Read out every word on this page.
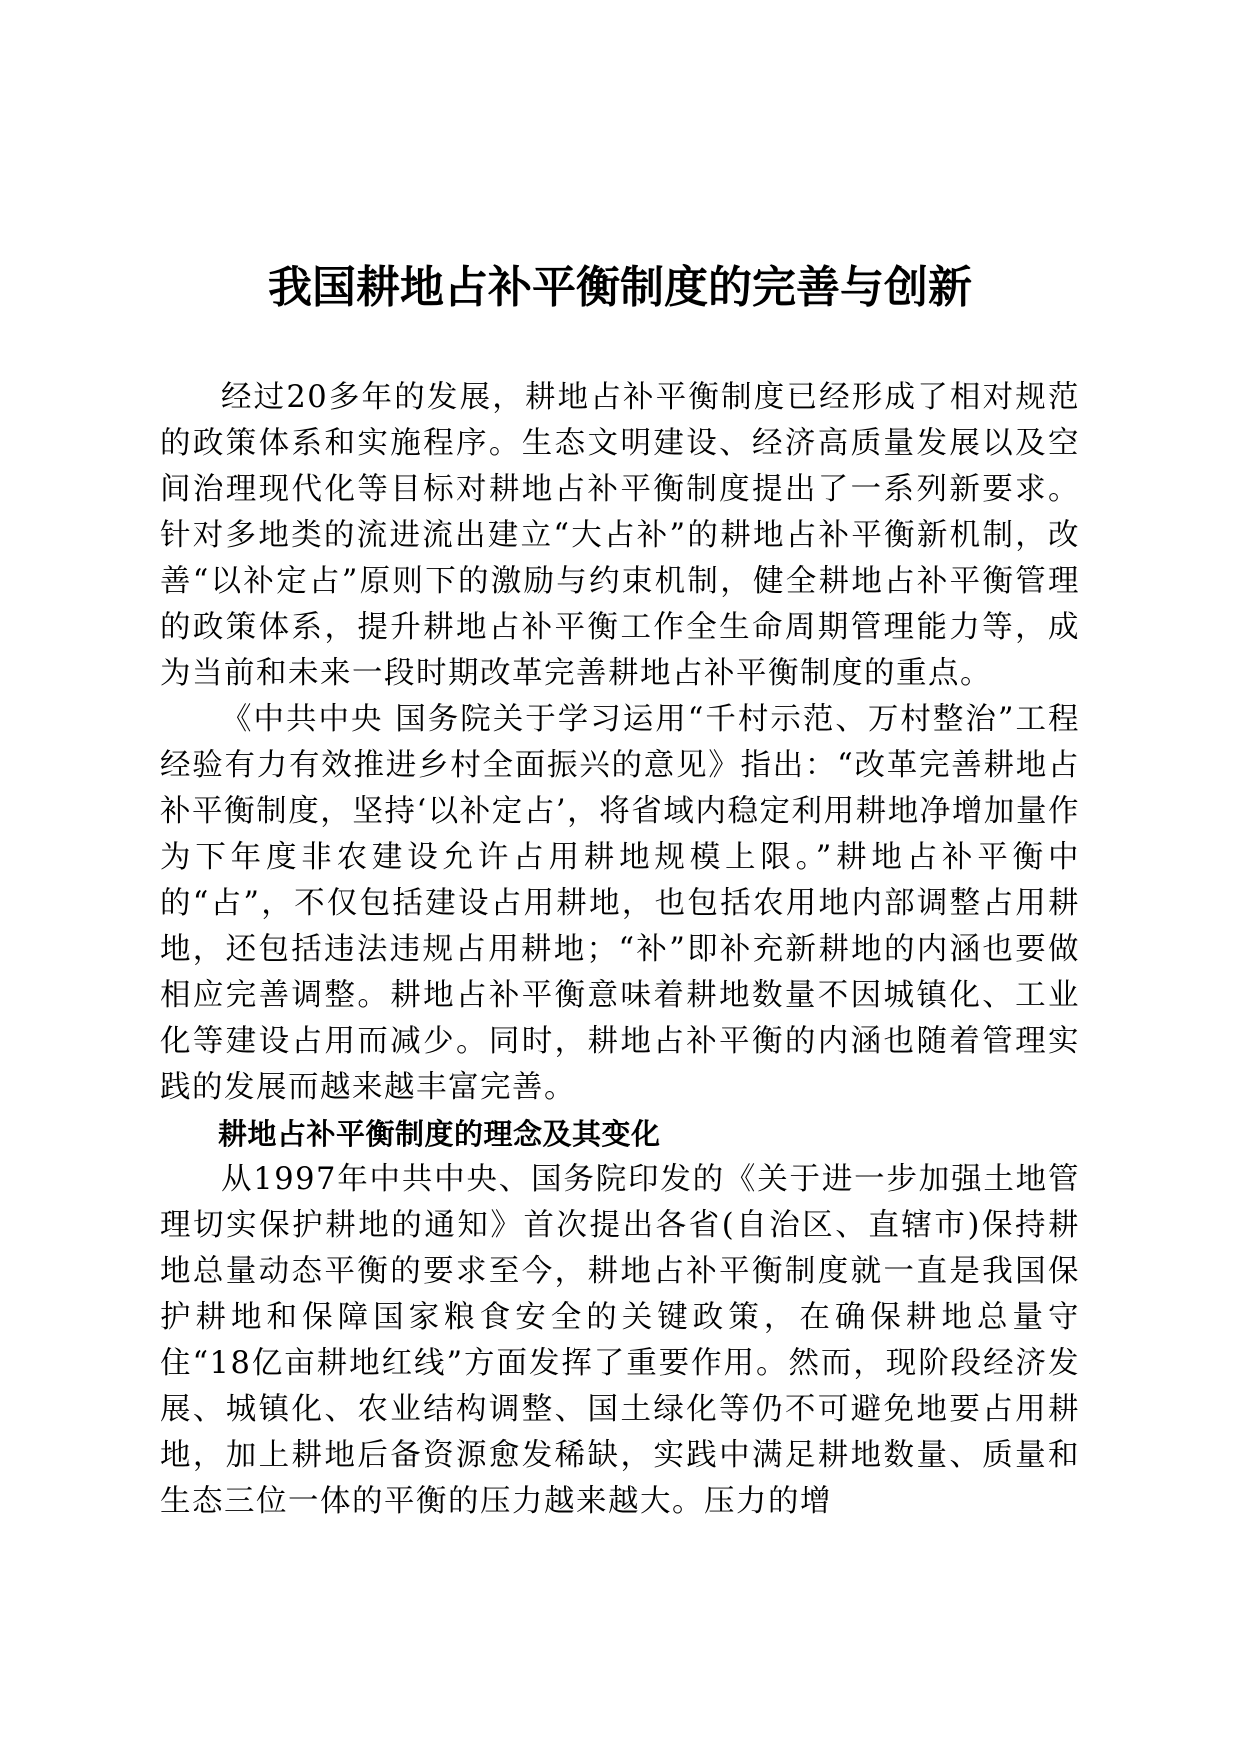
我国耕地占补平衡制度的完善与创新

经过20多年的发展，耕地占补平衡制度已经形成了相对规范的政策体系和实施程序。生态文明建设、经济高质量发展以及空间治理现代化等目标对耕地占补平衡制度提出了一系列新要求。针对多地类的流进流出建立“大占补”的耕地占补平衡新机制，改善“以补定占”原则下的激励与约束机制，健全耕地占补平衡管理的政策体系，提升耕地占补平衡工作全生命周期管理能力等，成为当前和未来一段时期改革完善耕地占补平衡制度的重点。

《中共中央 国务院关于学习运用“千村示范、万村整治”工程经验有力有效推进乡村全面振兴的意见》指出：“改革完善耕地占补平衡制度，坚持‘以补定占’，将省域内稳定利用耕地净增加量作为下年度非农建设允许占用耕地规模上限。”耕地占补平衡中的“占”，不仅包括建设占用耕地，也包括农用地内部调整占用耕地，还包括违法违规占用耕地；“补”即补充新耕地的内涵也要做相应完善调整。耕地占补平衡意味着耕地数量不因城镇化、工业化等建设占用而减少。同时，耕地占补平衡的内涵也随着管理实践的发展而越来越丰富完善。

耕地占补平衡制度的理念及其变化

从1997年中共中央、国务院印发的《关于进一步加强土地管理切实保护耕地的通知》首次提出各省(自治区、直辖市)保持耕地总量动态平衡的要求至今，耕地占补平衡制度就一直是我国保护耕地和保障国家粮食安全的关键政策，在确保耕地总量守住“18亿亩耕地红线”方面发挥了重要作用。然而，现阶段经济发展、城镇化、农业结构调整、国土绿化等仍不可避免地要占用耕地，加上耕地后备资源愈发稀缺，实践中满足耕地数量、质量和生态三位一体的平衡的压力越来越大。压力的增
